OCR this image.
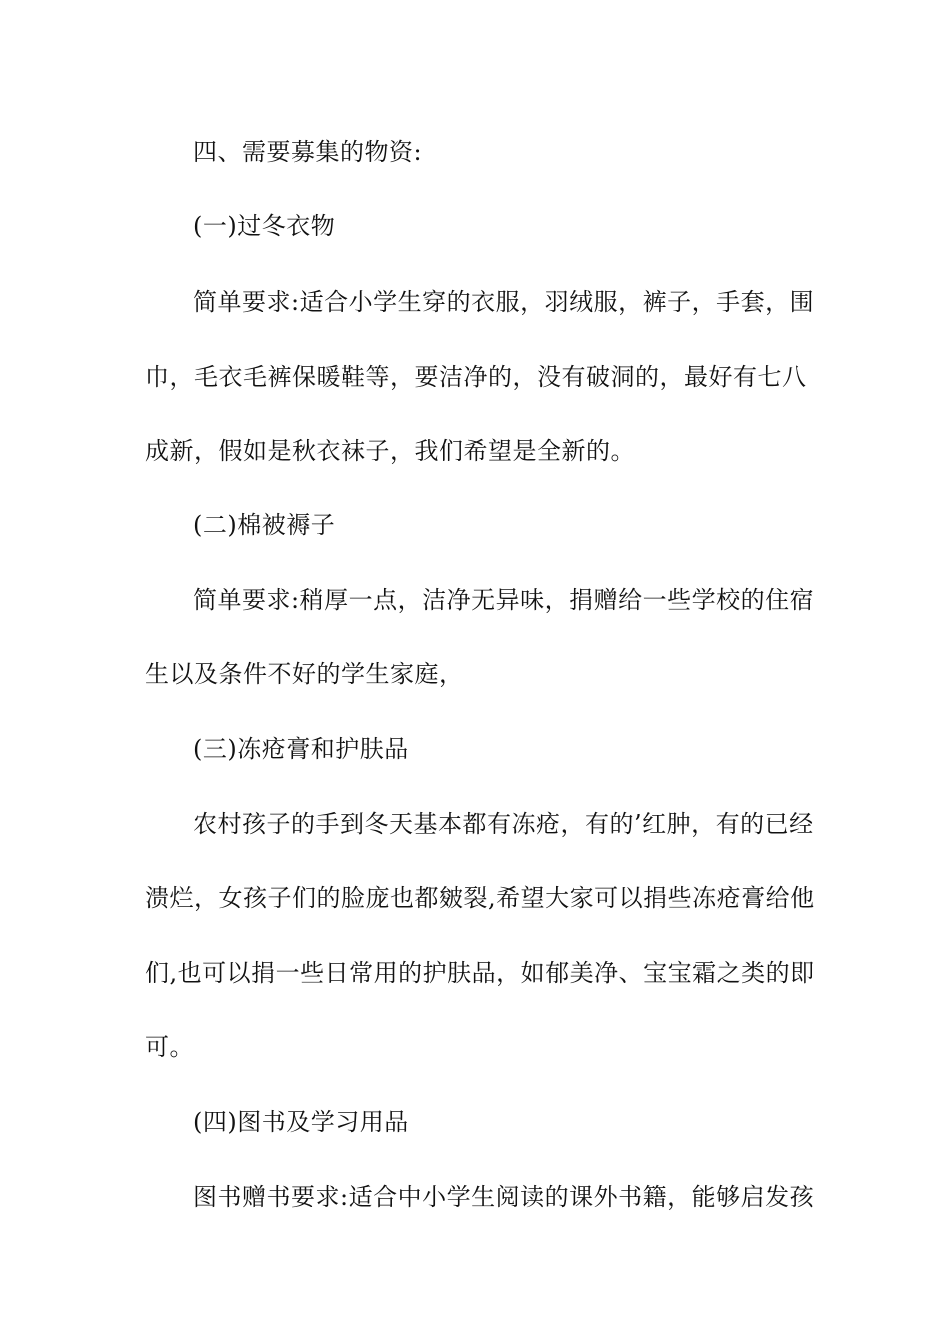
四、需要募集的物资:
(一)过冬衣物
简单要求:适合小学生穿的衣服，羽绒服，裤子，手套，围
巾，毛衣毛裤保暖鞋等，要洁净的，没有破洞的，最好有七八
成新，假如是秋衣袜子，我们希望是全新的。
(二)棉被褥子
简单要求:稍厚一点，洁净无异味，捐赠给一些学校的住宿
生以及条件不好的学生家庭，
(三)冻疮膏和护肤品
农村孩子的手到冬天基本都有冻疮，有的’红肿，有的已经
溃烂，女孩子们的脸庞也都皴裂,希望大家可以捐些冻疮膏给他
们,也可以捐一些日常用的护肤品，如郁美净、宝宝霜之类的即
可。
(四)图书及学习用品
图书赠书要求:适合中小学生阅读的课外书籍，能够启发孩
